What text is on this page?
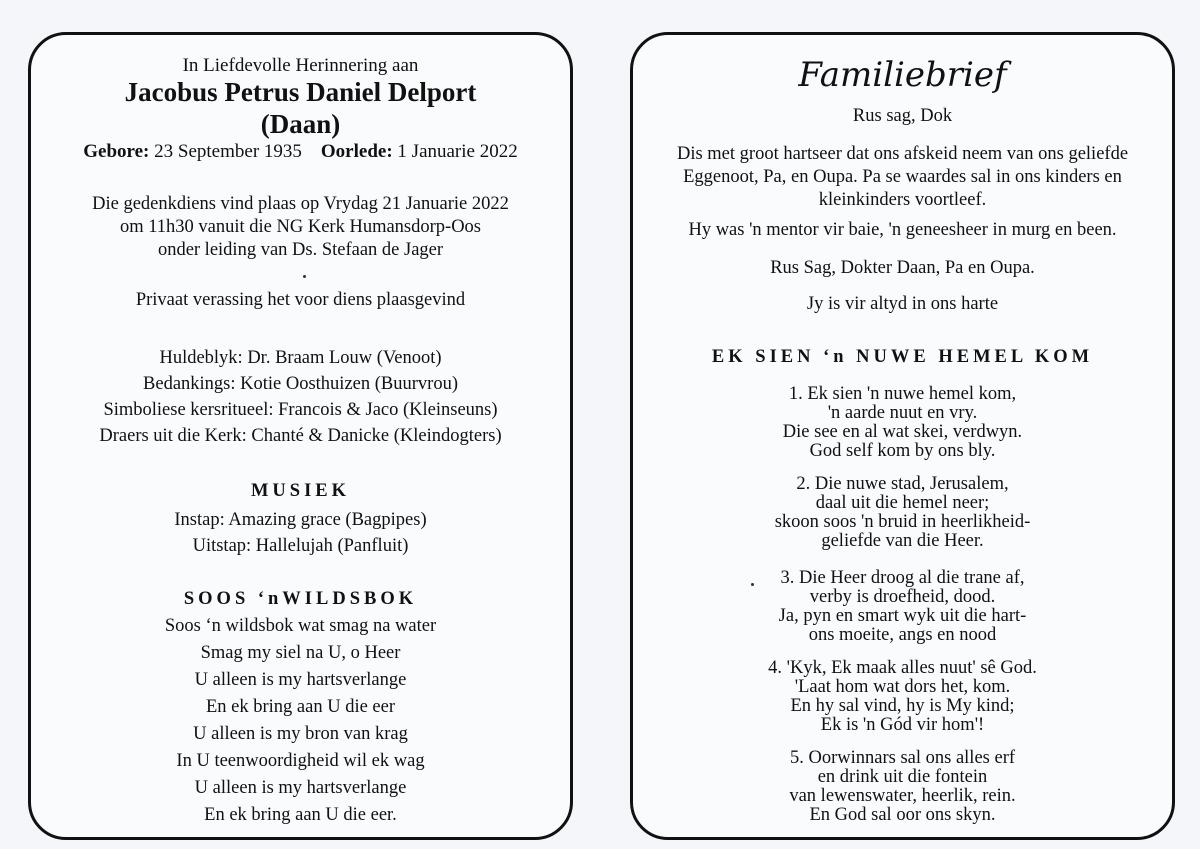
In Liefdevolle Herinnering aan
Jacobus Petrus Daniel Delport
(Daan)
Gebore: 23 September 1935 Oorlede: 1 Januarie 2022
Die gedenkdiens vind plaas op Vrydag 21 Januarie 2022
om 11h30 vanuit die NG Kerk Humansdorp-Oos
onder leiding van Ds. Stefaan de Jager
Privaat verassing het voor diens plaasgevind
Huldeblyk: Dr. Braam Louw (Venoot)
Bedankings: Kotie Oosthuizen (Buurvrou)
Simboliese kersritueel: Francois & Jaco (Kleinseuns)
Draers uit die Kerk: Chanté & Danicke (Kleindogters)
MUSIEK
Instap: Amazing grace (Bagpipes)
Uitstap: Hallelujah (Panfluit)
SOOS ‘nWILDSBOK
Soos ‘n wildsbok wat smag na water
Smag my siel na U, o Heer
U alleen is my hartsverlange
En ek bring aan U die eer
U alleen is my bron van krag
In U teenwoordigheid wil ek wag
U alleen is my hartsverlange
En ek bring aan U die eer.
Familiebrief
Rus sag, Dok
Dis met groot hartseer dat ons afskeid neem van ons geliefde
Eggenoot, Pa, en Oupa. Pa se waardes sal in ons kinders en
kleinkinders voortleef.
Hy was 'n mentor vir baie, 'n geneesheer in murg en been.
Rus Sag, Dokter Daan, Pa en Oupa.
Jy is vir altyd in ons harte
EK SIEN ‘n NUWE HEMEL KOM
1. Ek sien 'n nuwe hemel kom,
'n aarde nuut en vry.
Die see en al wat skei, verdwyn.
God self kom by ons bly.
2. Die nuwe stad, Jerusalem,
daal uit die hemel neer;
skoon soos 'n bruid in heerlikheid-
geliefde van die Heer.
3. Die Heer droog al die trane af,
verby is droefheid, dood.
Ja, pyn en smart wyk uit die hart-
ons moeite, angs en nood
4. 'Kyk, Ek maak alles nuut' sê God.
'Laat hom wat dors het, kom.
En hy sal vind, hy is My kind;
Ek is 'n Gód vir hom'!
5. Oorwinnars sal ons alles erf
en drink uit die fontein
van lewenswater, heerlik, rein.
En God sal oor ons skyn.
